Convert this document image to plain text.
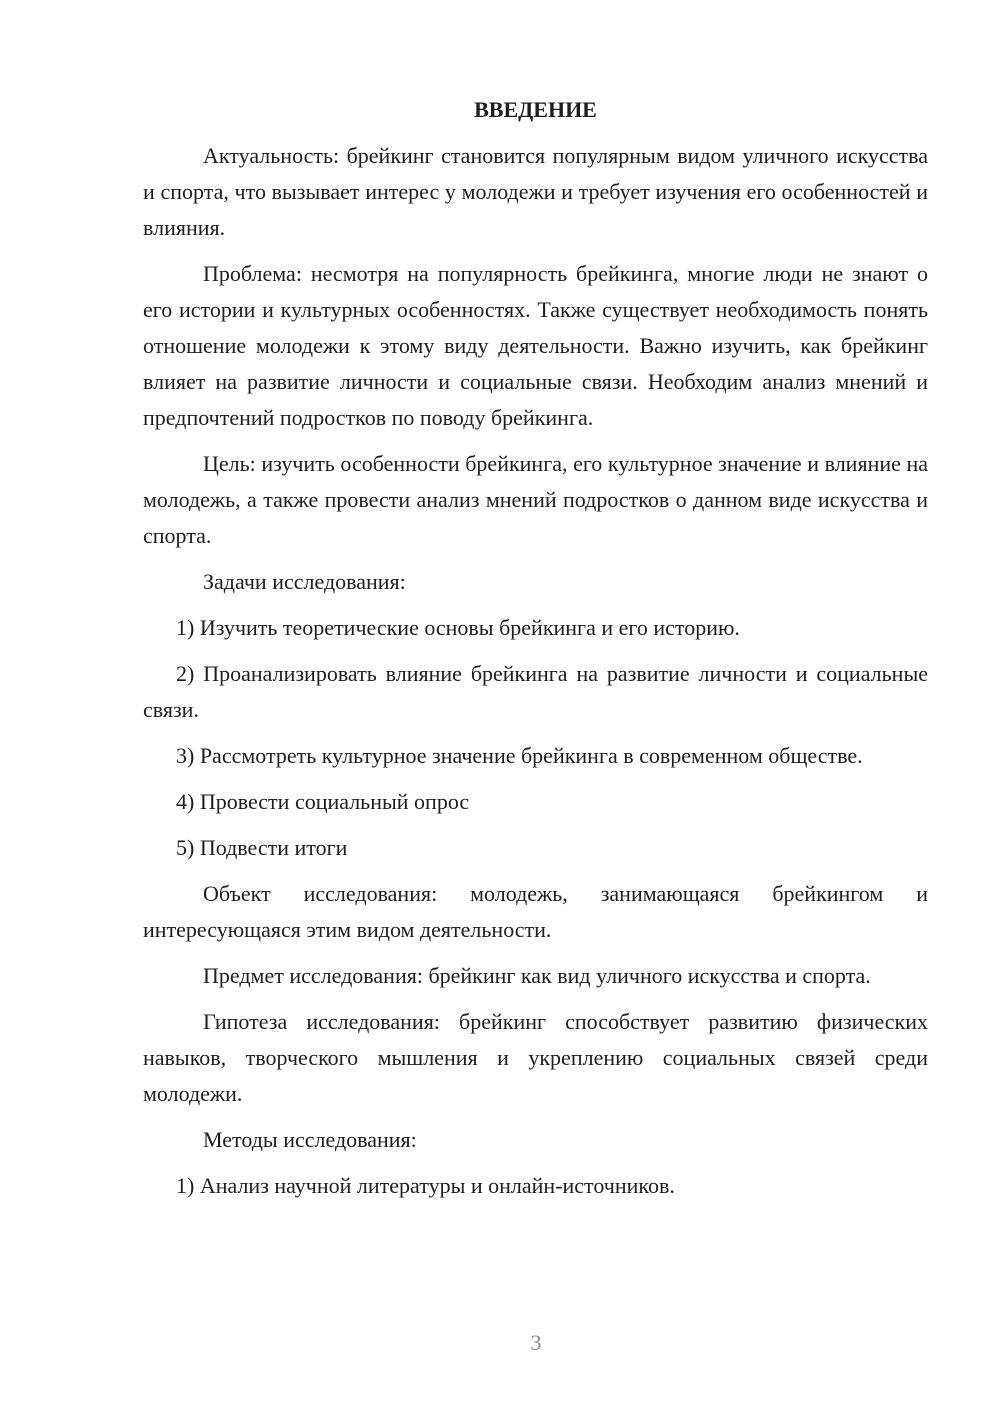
ВВЕДЕНИЕ

Актуальность: брейкинг становится популярным видом уличного искусства и спорта, что вызывает интерес у молодежи и требует изучения его особенностей и влияния.

Проблема: несмотря на популярность брейкинга, многие люди не знают о его истории и культурных особенностях. Также существует необходимость понять отношение молодежи к этому виду деятельности. Важно изучить, как брейкинг влияет на развитие личности и социальные связи. Необходим анализ мнений и предпочтений подростков по поводу брейкинга.

Цель: изучить особенности брейкинга, его культурное значение и влияние на молодежь, а также провести анализ мнений подростков о данном виде искусства и спорта.

Задачи исследования:

1) Изучить теоретические основы брейкинга и его историю.

2) Проанализировать влияние брейкинга на развитие личности и социальные связи.

3) Рассмотреть культурное значение брейкинга в современном обществе.

4) Провести социальный опрос

5) Подвести итоги

Объект исследования: молодежь, занимающаяся брейкингом и интересующаяся этим видом деятельности.

Предмет исследования: брейкинг как вид уличного искусства и спорта.

Гипотеза исследования: брейкинг способствует развитию физических навыков, творческого мышления и укреплению социальных связей среди молодежи.

Методы исследования:

1) Анализ научной литературы и онлайн-источников.

3
